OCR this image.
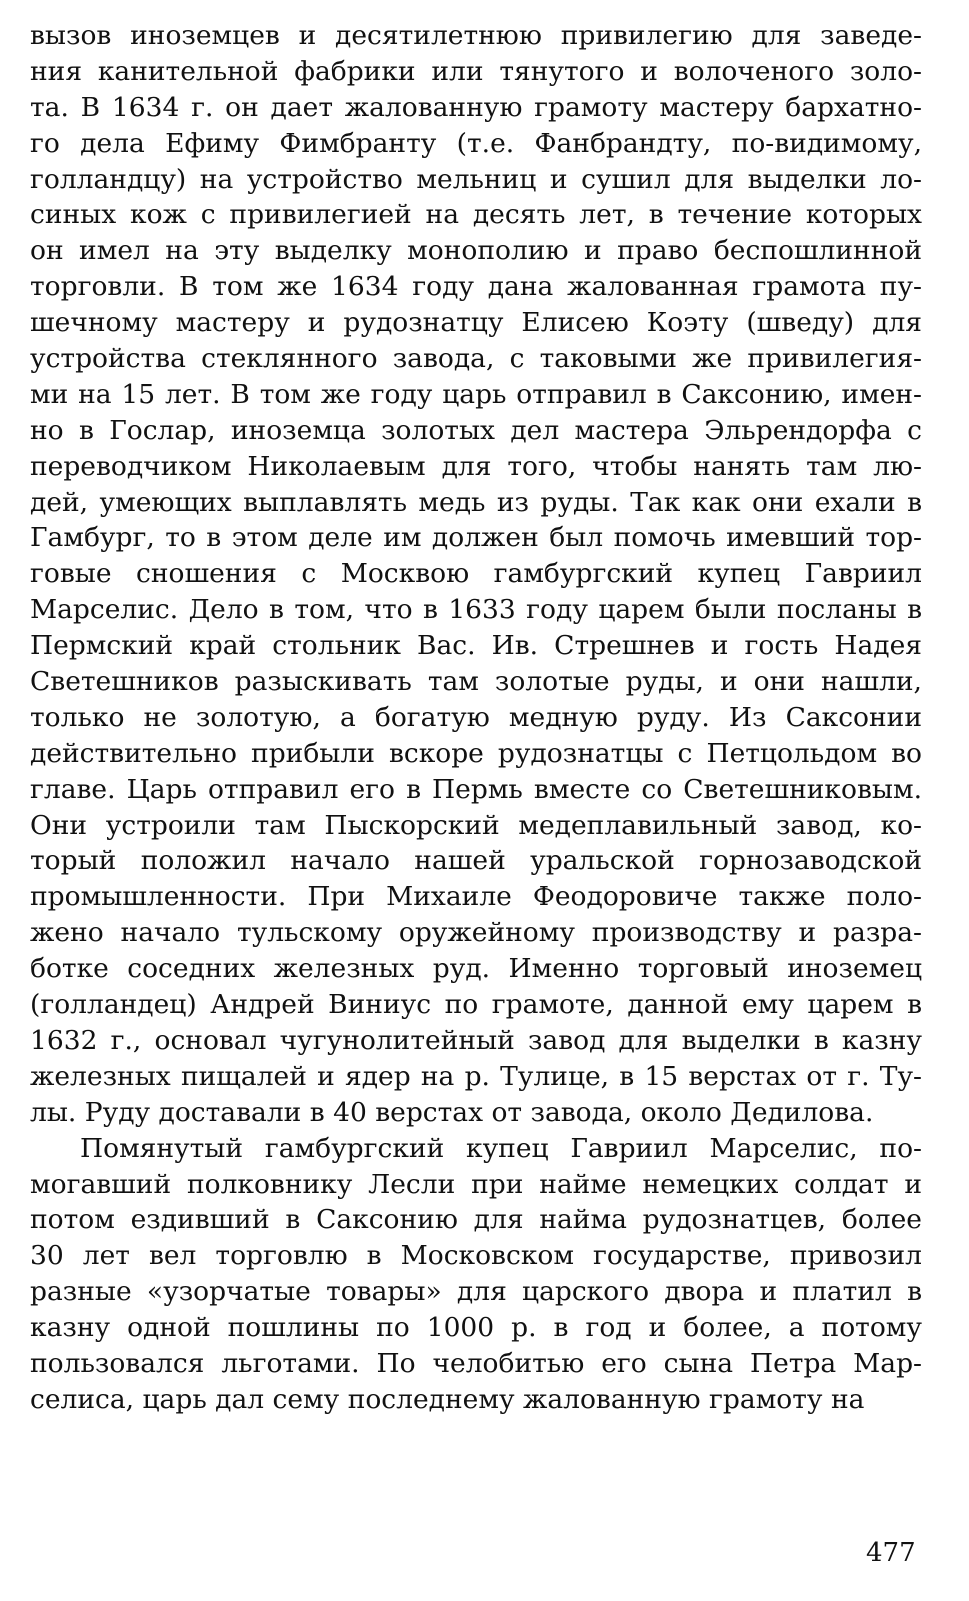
вызов иноземцев и десятилетнюю привилегию для заведе-
ния канительной фабрики или тянутого и волоченого золо-
та. В 1634 г. он дает жалованную грамоту мастеру бархатно-
го дела Ефиму Фимбранту (т.е. Фанбрандту, по-видимому,
голландцу) на устройство мельниц и сушил для выделки ло-
синых кож с привилегией на десять лет, в течение которых
он имел на эту выделку монополию и право беспошлинной
торговли. В том же 1634 году дана жалованная грамота пу-
шечному мастеру и рудознатцу Елисею Коэту (шведу) для
устройства стеклянного завода, с таковыми же привилегия-
ми на 15 лет. В том же году царь отправил в Саксонию, имен-
но в Гослар, иноземца золотых дел мастера Эльрендорфа с
переводчиком Николаевым для того, чтобы нанять там лю-
дей, умеющих выплавлять медь из руды. Так как они ехали в
Гамбург, то в этом деле им должен был помочь имевший тор-
говые сношения с Москвою гамбургский купец Гавриил
Марселис. Дело в том, что в 1633 году царем были посланы в
Пермский край стольник Вас. Ив. Стрешнев и гость Надея
Светешников разыскивать там золотые руды, и они нашли,
только не золотую, а богатую медную руду. Из Саксонии
действительно прибыли вскоре рудознатцы с Петцольдом во
главе. Царь отправил его в Пермь вместе со Светешниковым.
Они устроили там Пыскорский медеплавильный завод, ко-
торый положил начало нашей уральской горнозаводской
промышленности. При Михаиле Феодоровиче также поло-
жено начало тульскому оружейному производству и разра-
ботке соседних железных руд. Именно торговый иноземец
(голландец) Андрей Виниус по грамоте, данной ему царем в
1632 г., основал чугунолитейный завод для выделки в казну
железных пищалей и ядер на р. Тулице, в 15 верстах от г. Ту-
лы. Руду доставали в 40 верстах от завода, около Дедилова.
Помянутый гамбургский купец Гавриил Марселис, по-
могавший полковнику Лесли при найме немецких солдат и
потом ездивший в Саксонию для найма рудознатцев, более
30 лет вел торговлю в Московском государстве, привозил
разные «узорчатые товары» для царского двора и платил в
казну одной пошлины по 1000 р. в год и более, а потому
пользовался льготами. По челобитью его сына Петра Мар-
селиса, царь дал сему последнему жалованную грамоту на
477
